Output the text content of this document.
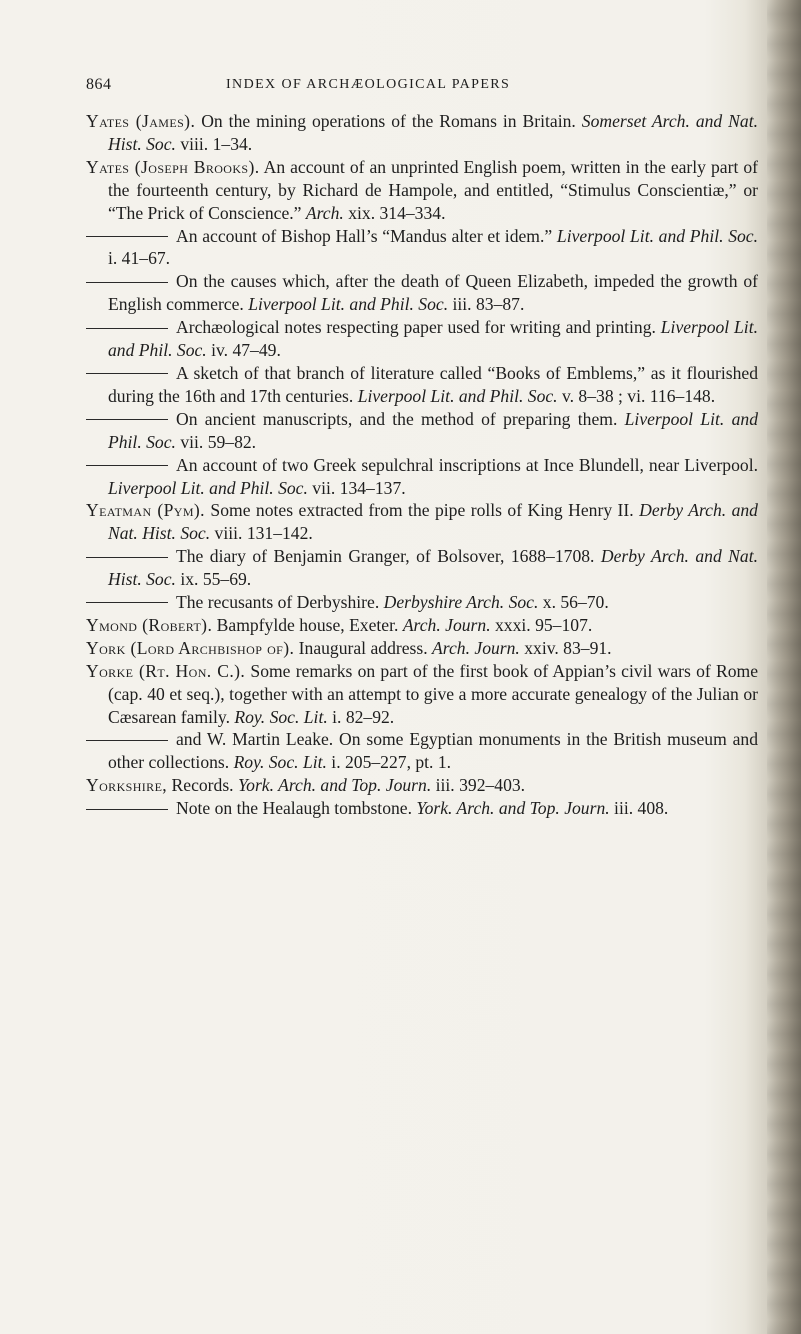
864	INDEX OF ARCHÆOLOGICAL PAPERS

Yates (James). On the mining operations of the Romans in Britain. Somerset Arch. and Nat. Hist. Soc. viii. 1–34.

Yates (Joseph Brooks). An account of an unprinted English poem, written in the early part of the fourteenth century, by Richard de Hampole, and entitled, “Stimulus Conscientiæ,” or “The Prick of Conscience.” Arch. xix. 314–334.

An account of Bishop Hall’s “Mandus alter et idem.” Liverpool Lit. and Phil. Soc. i. 41–67.

On the causes which, after the death of Queen Elizabeth, impeded the growth of English commerce. Liverpool Lit. and Phil. Soc. iii. 83–87.

Archæological notes respecting paper used for writing and printing. Liverpool Lit. and Phil. Soc. iv. 47–49.

A sketch of that branch of literature called “Books of Emblems,” as it flourished during the 16th and 17th centuries. Liverpool Lit. and Phil. Soc. v. 8–38 ; vi. 116–148.

On ancient manuscripts, and the method of preparing them. Liverpool Lit. and Phil. Soc. vii. 59–82.

An account of two Greek sepulchral inscriptions at Ince Blundell, near Liverpool. Liverpool Lit. and Phil. Soc. vii. 134–137.

Yeatman (Pym). Some notes extracted from the pipe rolls of King Henry II. Derby Arch. and Nat. Hist. Soc. viii. 131–142.

The diary of Benjamin Granger, of Bolsover, 1688–1708. Derby Arch. and Nat. Hist. Soc. ix. 55–69.

The recusants of Derbyshire. Derbyshire Arch. Soc. x. 56–70.

Ymond (Robert). Bampfylde house, Exeter. Arch. Journ. xxxi. 95–107.

York (Lord Archbishop of). Inaugural address. Arch. Journ. xxiv. 83–91.

Yorke (Rt. Hon. C.). Some remarks on part of the first book of Appian’s civil wars of Rome (cap. 40 et seq.), together with an attempt to give a more accurate genealogy of the Julian or Cæsarean family. Roy. Soc. Lit. i. 82–92.

and W. Martin Leake. On some Egyptian monuments in the British museum and other collections. Roy. Soc. Lit. i. 205–227, pt. 1.

Yorkshire, Records. York. Arch. and Top. Journ. iii. 392–403.

Note on the Healaugh tombstone. York. Arch. and Top. Journ. iii. 408.
